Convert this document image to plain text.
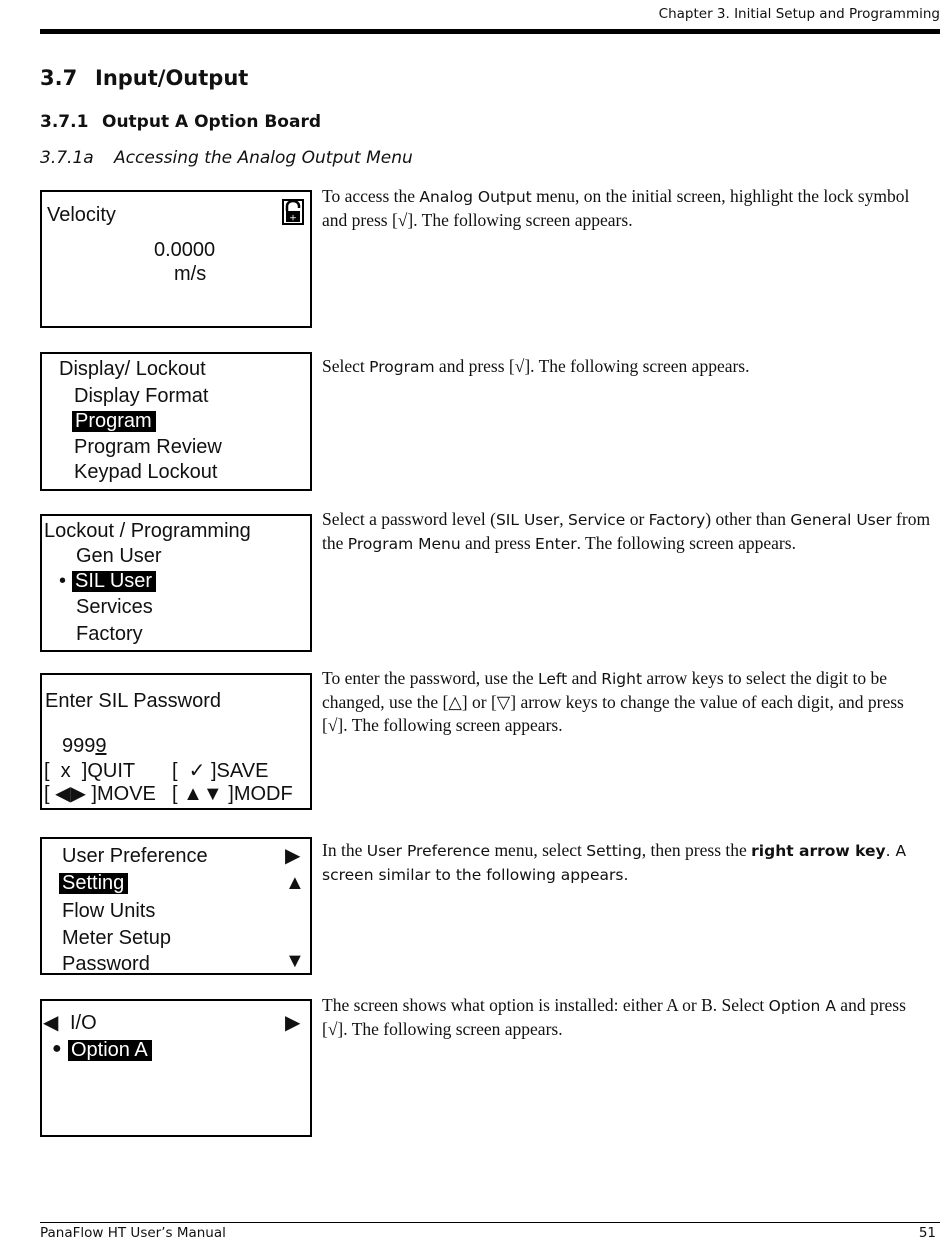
Chapter 3. Initial Setup and Programming
3.7 Input/Output
3.7.1 Output A Option Board
3.7.1a Accessing the Analog Output Menu
Velocity	+
0.0000
m/s
Display/ Lockout
Display Format
Program
Program Review
Keypad Lockout
Lockout / Programming
Gen User
• SIL User
Services
Factory
Enter SIL Password
9999
[  x  ]QUIT [  ✓ ]SAVE
[ ◀▶ ]MOVE [ ▲▼ ]MODF
User Preference	▶
Setting	▲
Flow Units
Meter Setup
Password	▼
◀ I/O	▶
● Option A
To access the Analog Output menu, on the initial screen, highlight the lock symbol and press [√]. The following screen appears.
Select Program and press [√]. The following screen appears.
Select a password level (SIL User, Service or Factory) other than General User from the Program Menu and press Enter. The following screen appears.
To enter the password, use the Left and Right arrow keys to select the digit to be changed, use the [△] or [▽] arrow keys to change the value of each digit, and press [√]. The following screen appears.
In the User Preference menu, select Setting, then press the right arrow key. A screen similar to the following appears.
The screen shows what option is installed: either A or B. Select Option A and press [√]. The following screen appears.
PanaFlow HT User’s Manual	51
